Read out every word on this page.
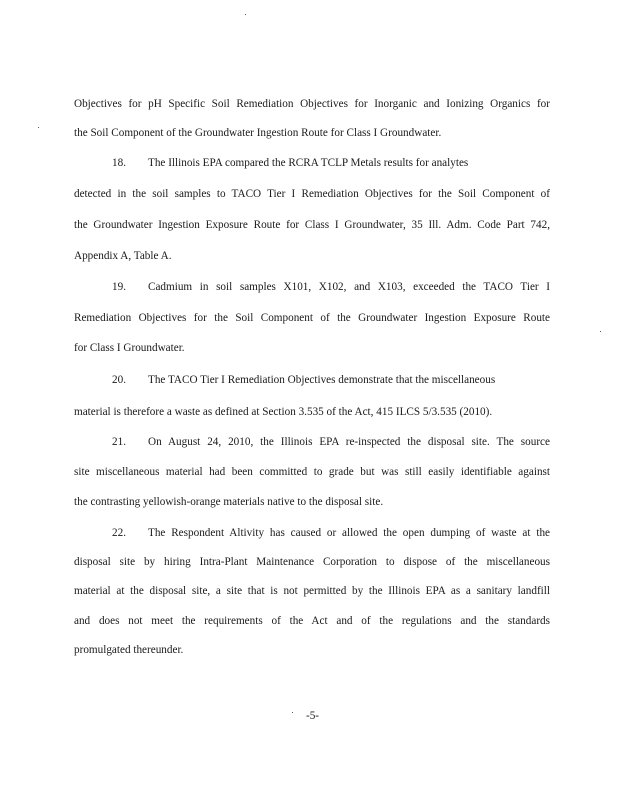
Objectives for pH Specific Soil Remediation Objectives for Inorganic and Ionizing Organics for
the Soil Component of the Groundwater Ingestion Route for Class I Groundwater.
18. The Illinois EPA compared the RCRA TCLP Metals results for analytes
detected in the soil samples to TACO Tier I Remediation Objectives for the Soil Component of
the Groundwater Ingestion Exposure Route for Class I Groundwater, 35 Ill. Adm. Code Part 742,
Appendix A, Table A.
19. Cadmium in soil samples X101, X102, and X103, exceeded the TACO Tier I
Remediation Objectives for the Soil Component of the Groundwater Ingestion Exposure Route
for Class I Groundwater.
20. The TACO Tier I Remediation Objectives demonstrate that the miscellaneous
material is therefore a waste as defined at Section 3.535 of the Act, 415 ILCS 5/3.535 (2010).
21. On August 24, 2010, the Illinois EPA re-inspected the disposal site. The source
site miscellaneous material had been committed to grade but was still easily identifiable against
the contrasting yellowish-orange materials native to the disposal site.
22. The Respondent Altivity has caused or allowed the open dumping of waste at the
disposal site by hiring Intra-Plant Maintenance Corporation to dispose of the miscellaneous
material at the disposal site, a site that is not permitted by the Illinois EPA as a sanitary landfill
and does not meet the requirements of the Act and of the regulations and the standards
promulgated thereunder.
-5-
